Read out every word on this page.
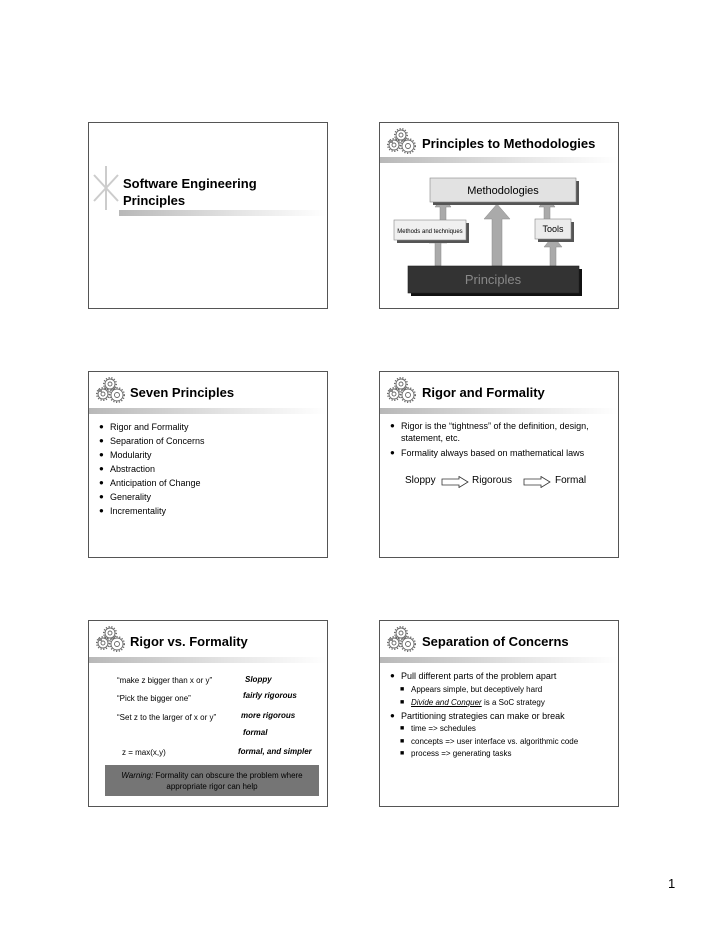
Software Engineering Principles
Principles to Methodologies
Methodologies
Methods and techniques	Tools
Principles
Seven Principles
● Rigor and Formality
● Separation of Concerns
● Modularity
● Abstraction
● Anticipation of Change
● Generality
● Incrementality
Rigor and Formality
● Rigor is the “tightness” of the definition, design, statement, etc.
● Formality always based on mathematical laws
Sloppy	Rigorous	Formal
Rigor vs. Formality
“make z bigger than x or y”	Sloppy
“Pick the bigger one”	fairly rigorous
“Set z to the larger of x or y”	more rigorous
formal
z = max(x,y)	formal, and simpler
Warning: Formality can obscure the problem where appropriate rigor can help
Separation of Concerns
● Pull different parts of the problem apart
■ Appears simple, but deceptively hard
■ Divide and Conquer is a SoC strategy
● Partitioning strategies can make or break
■ time => schedules
■ concepts => user interface vs. algorithmic code
■ process => generating tasks
1
